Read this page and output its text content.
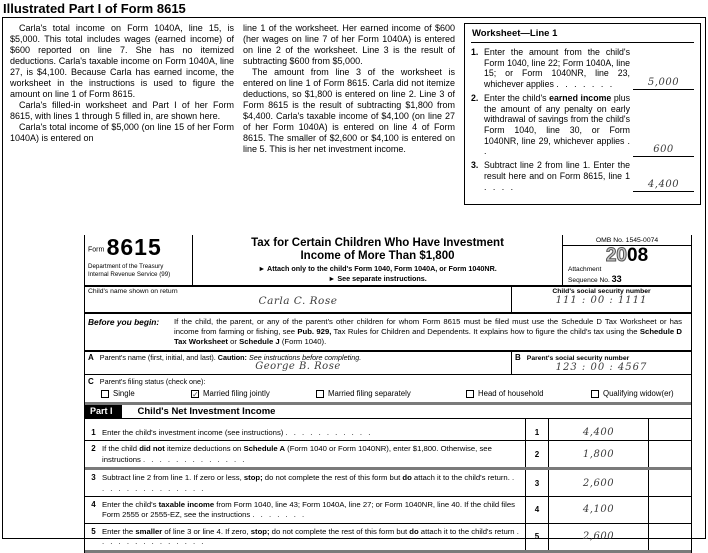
Illustrated Part I of Form 8615

Carla's total income on Form 1040A, line 15, is $5,000. This total includes wages (earned income) of $600 reported on line 7. She has no itemized deductions. Carla's taxable income on Form 1040A, line 27, is $4,100. Because Carla has earned income, the worksheet in the instructions is used to figure the amount on line 1 of Form 8615.

Carla's filled-in worksheet and Part I of her Form 8615, with lines 1 through 5 filled in, are shown here.

Carla's total income of $5,000 (on line 15 of her Form 1040A) is entered on

line 1 of the worksheet. Her earned income of $600 (her wages on line 7 of her Form 1040A) is entered on line 2 of the worksheet. Line 3 is the result of subtracting $600 from $5,000.

The amount from line 3 of the worksheet is entered on line 1 of Form 8615. Carla did not itemize deductions, so $1,800 is entered on line 2. Line 3 of Form 8615 is the result of subtracting $1,800 from $4,400. Carla's taxable income of $4,100 (on line 27 of her Form 1040A) is entered on line 4 of Form 8615. The smaller of $2,600 or $4,100 is entered on line 5. This is her net investment income.

Worksheet—Line 1
1. Enter the amount from the child's Form 1040, line 22; Form 1040A, line 15; or Form 1040NR, line 23, whichever applies . . . . . . .	5,000
2. Enter the child's earned income plus the amount of any penalty on early withdrawal of savings from the child's Form 1040, line 30, or Form 1040NR, line 29, whichever applies . .	600
3. Subtract line 2 from line 1. Enter the result here and on Form 8615, line 1 . . . .	4,400
Form 8615
Department of the Treasury
Internal Revenue Service (99)
Tax for Certain Children Who Have Investment
Income of More Than $1,800
► Attach only to the child's Form 1040, Form 1040A, or Form 1040NR.
► See separate instructions.
OMB No. 1545-0074
2008
Attachment
Sequence No. 33
Child's name shown on return
Carla C. Rose
Child's social security number
111 : 00 : 1111
Before you begin:	If the child, the parent, or any of the parent's other children for whom Form 8615 must be filed must use the Schedule D Tax Worksheet or has income from farming or fishing, see Pub. 929, Tax Rules for Children and Dependents. It explains how to figure the child's tax using the Schedule D Tax Worksheet or Schedule J (Form 1040).
A Parent's name (first, initial, and last). Caution: See instructions before completing.
George B. Rose
B Parent's social security number
123 : 00 : 4567
C Parent's filing status (check one):
Single	✓ Married filing jointly	Married filing separately	Head of household	Qualifying widow(er)
Part I	Child's Net Investment Income
1 Enter the child's investment income (see instructions) . . . . . . . . . . .	1	4,400
2 If the child did not itemize deductions on Schedule A (Form 1040 or Form 1040NR), enter $1,800. Otherwise, see instructions . . . . . . . . . . . . .
2	1,800
3 Subtract line 2 from line 1. If zero or less, stop; do not complete the rest of this form but do attach it to the child's return. . . . . . . . . . . . . . .
3	2,600
4 Enter the child's taxable income from Form 1040, line 43; Form 1040A, line 27; or Form 1040NR, line 40. If the child files Form 2555 or 2555-EZ, see the instructions . . . . . . .
4	4,100
5 Enter the smaller of line 3 or line 4. If zero, stop; do not complete the rest of this form but do attach it to the child's return . . . . . . . . . . . . . .
5	2,600
